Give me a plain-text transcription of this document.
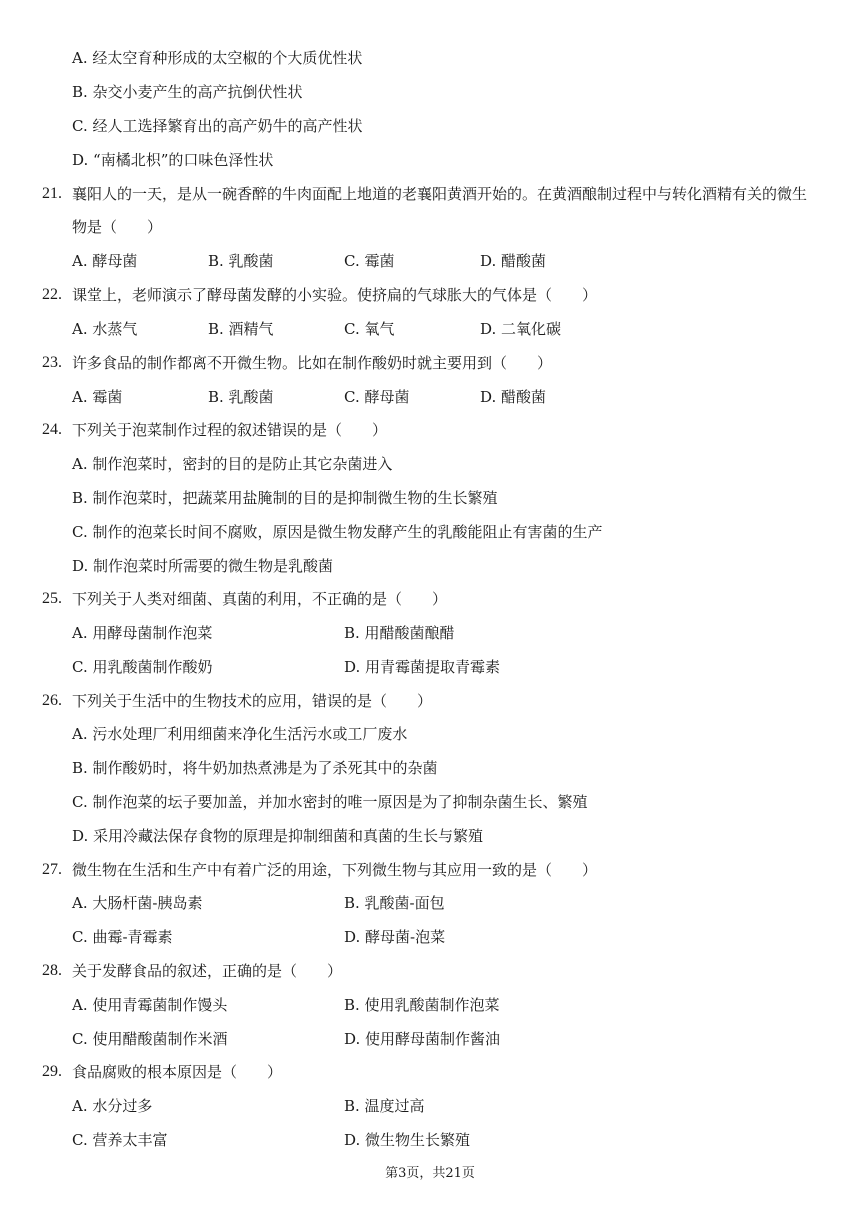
A. 经太空育种形成的太空椒的个大质优性状
B. 杂交小麦产生的高产抗倒伏性状
C. 经人工选择繁育出的高产奶牛的高产性状
D. “南橘北枳”的口味色泽性状
21. 襄阳人的一天，是从一碗香醉的牛肉面配上地道的老襄阳黄酒开始的。在黄酒酿制过程中与转化酒精有关的微生
物是（　　）
A. 酵母菌	B. 乳酸菌	C. 霉菌	D. 醋酸菌
22. 课堂上，老师演示了酵母菌发酵的小实验。使挤扁的气球胀大的气体是（　　）
A. 水蒸气	B. 酒精气	C. 氧气	D. 二氧化碳
23. 许多食品的制作都离不开微生物。比如在制作酸奶时就主要用到（　　）
A. 霉菌	B. 乳酸菌	C. 酵母菌	D. 醋酸菌
24. 下列关于泡菜制作过程的叙述错误的是（　　）
A. 制作泡菜时，密封的目的是防止其它杂菌进入
B. 制作泡菜时，把蔬菜用盐腌制的目的是抑制微生物的生长繁殖
C. 制作的泡菜长时间不腐败，原因是微生物发酵产生的乳酸能阻止有害菌的生产
D. 制作泡菜时所需要的微生物是乳酸菌
25. 下列关于人类对细菌、真菌的利用，不正确的是（　　）
A. 用酵母菌制作泡菜	B. 用醋酸菌酿醋
C. 用乳酸菌制作酸奶	D. 用青霉菌提取青霉素
26. 下列关于生活中的生物技术的应用，错误的是（　　）
A. 污水处理厂利用细菌来净化生活污水或工厂废水
B. 制作酸奶时，将牛奶加热煮沸是为了杀死其中的杂菌
C. 制作泡菜的坛子要加盖，并加水密封的唯一原因是为了抑制杂菌生长、繁殖
D. 采用冷藏法保存食物的原理是抑制细菌和真菌的生长与繁殖
27. 微生物在生活和生产中有着广泛的用途，下列微生物与其应用一致的是（　　）
A. 大肠杆菌-胰岛素	B. 乳酸菌-面包
C. 曲霉-青霉素	D. 酵母菌-泡菜
28. 关于发酵食品的叙述，正确的是（　　）
A. 使用青霉菌制作馒头	B. 使用乳酸菌制作泡菜
C. 使用醋酸菌制作米酒	D. 使用酵母菌制作酱油
29. 食品腐败的根本原因是（　　）
A. 水分过多	B. 温度过高
C. 营养太丰富	D. 微生物生长繁殖
第3页，共21页
